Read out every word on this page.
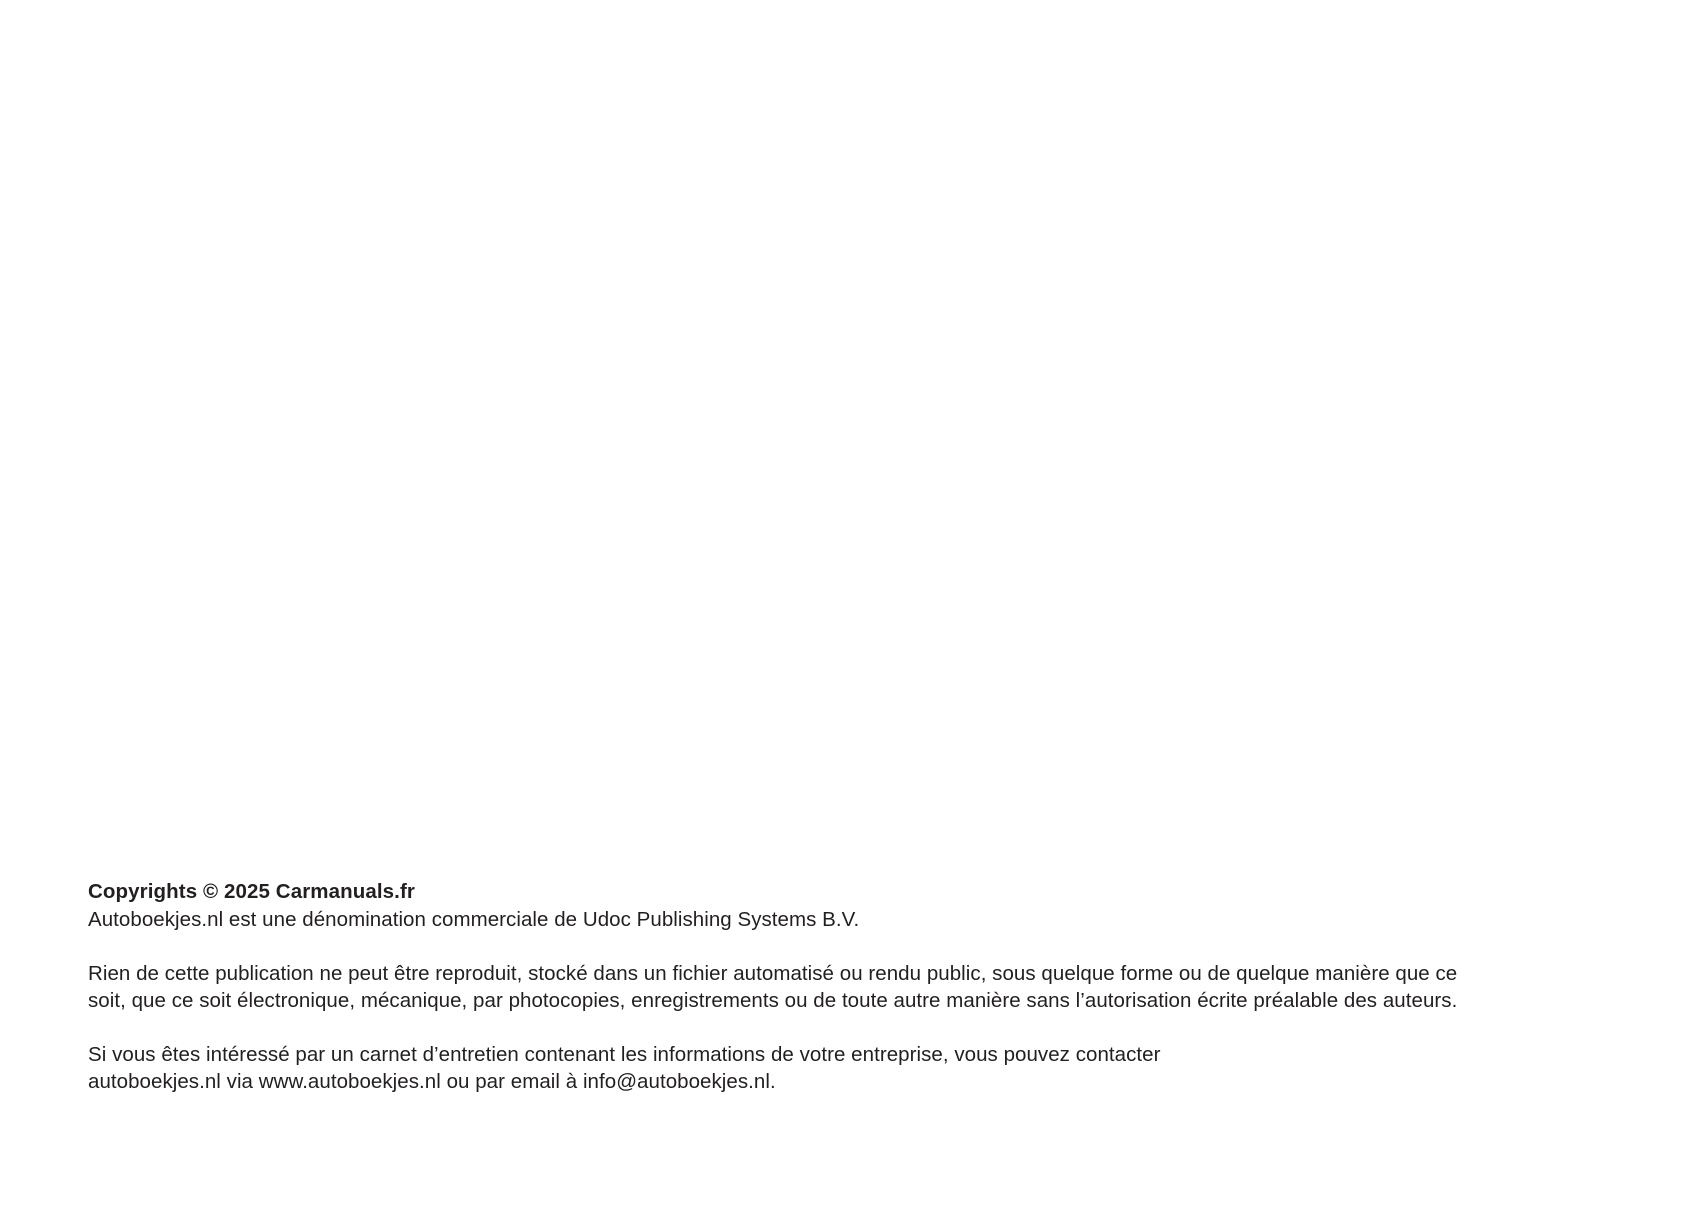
Copyrights © 2025 Carmanuals.fr

Autoboekjes.nl est une dénomination commerciale de Udoc Publishing Systems B.V.

Rien de cette publication ne peut être reproduit, stocké dans un fichier automatisé ou rendu public, sous quelque forme ou de quelque manière que ce

soit, que ce soit électronique, mécanique, par photocopies, enregistrements ou de toute autre manière sans l’autorisation écrite préalable des auteurs.

Si vous êtes intéressé par un carnet d’entretien contenant les informations de votre entreprise, vous pouvez contacter

autoboekjes.nl via www.autoboekjes.nl ou par email à info@autoboekjes.nl.
